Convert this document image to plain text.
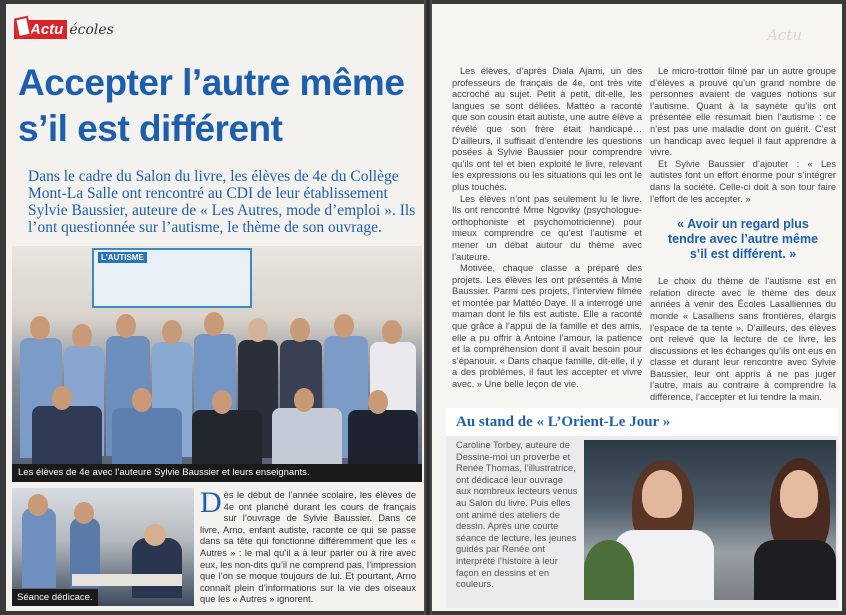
Actu écoles
Accepter l’autre même s’il est différent

Dans le cadre du Salon du livre, les élèves de 4e du Collège Mont-La Salle ont rencontré au CDI de leur établissement Sylvie Baussier, auteure de « Les Autres, mode d’emploi ». Ils l’ont questionnée sur l’autisme, le thème de son ouvrage.

L'AUTISME
Les élèves de 4e avec l’auteure Sylvie Baussier et leurs enseignants.
Séance dédicace.
D ès le début de l’année scolaire, les élèves de 4e ont planché durant les cours de français sur l’ouvrage de Sylvie Baussier. Dans ce livre, Arno, enfant autiste, raconte ce qui se passe dans sa tête qui fonctionne différemment que les « Autres » : le mal qu’il a à leur parler ou à rire avec eux, les non-dits qu’il ne comprend pas, l’impression que l’on se moque toujours de lui. Et pourtant, Arno connaît plein d’informations sur la vie des oiseaux que les « Autres » ignorent.
Actu

Les élèves, d’après Diala Ajami, un des professeurs de français de 4e, ont très vite accroché au sujet. Petit à petit, dit-elle, les langues se sont déliées. Mattéo a raconté que son cousin était autiste, une autre élève a révélé que son frère était handicapé… D’ailleurs, il suffisait d’entendre les questions posées à Sylvie Baussier pour comprendre qu’ils ont tel et bien exploité le livre, relevant les expressions ou les situations qui les ont le plus touchés.

Les élèves n’ont pas seulement lu le livre. Ils ont rencontré Mme Ngoviky (psychologue-orthophoniste et psychomotricienne) pour mieux comprendre ce qu’est l’autisme et mener un débat autour du thème avec l’auteure.

Motivée, chaque classe a préparé des projets. Les élèves les ont présentés à Mme Baussier. Parmi ces projets, l’interview filmée et montée par Mattéo Daye. Il a interrogé une maman dont le fils est autiste. Elle a raconté que grâce à l’appui de la famille et des amis, elle a pu offrir à Antoine l’amour, la patience et la compréhension dont il avait besoin pour s’épanouir. « Dans chaque famille, dit-elle, il y a des problèmes, il faut les accepter et vivre avec. » Une belle leçon de vie.

Le micro-trottoir filmé par un autre groupe d’élèves a prouvé qu’un grand nombre de personnes avaient de vagues notions sur l’autisme. Quant à la saynète qu’ils ont présentée elle résumait bien l’autisme : ce n’est pas une maladie dont on guérit. C’est un handicap avec lequel il faut apprendre à vivre.

Et Sylvie Baussier d’ajouter : « Les autistes font un effort énorme pour s’intégrer dans la société. Celle-ci doit à son tour faire l’effort de les accepter. »

« Avoir un regard plus tendre avec l’autre même s’il est différent. »

Le choix du thème de l’autisme est en relation directe avec le thème des deux années à venir des Écoles Lasalliennes du monde « Lasalliens sans frontières, élargis l’espace de ta tente ». D’ailleurs, des élèves ont relevé que la lecture de ce livre, les discussions et les échanges qu’ils ont eus en classe et durant leur rencontre avec Sylvie Baussier, leur ont appris à ne pas juger l’autre, mais au contraire à comprendre la différence, l’accepter et lui tendre la main.

Au stand de « L’Orient-Le Jour »
Caroline Torbey, auteure de Dessine-moi un proverbe et Renée Thomas, l’illustratrice, ont dédicacé leur ouvrage aux nombreux lecteurs venus au Salon du livre. Puis elles ont animé des ateliers de dessin. Après une courte séance de lecture, les jeunes guidés par Renée ont interprété l’histoire à leur façon en dessins et en couleurs.
